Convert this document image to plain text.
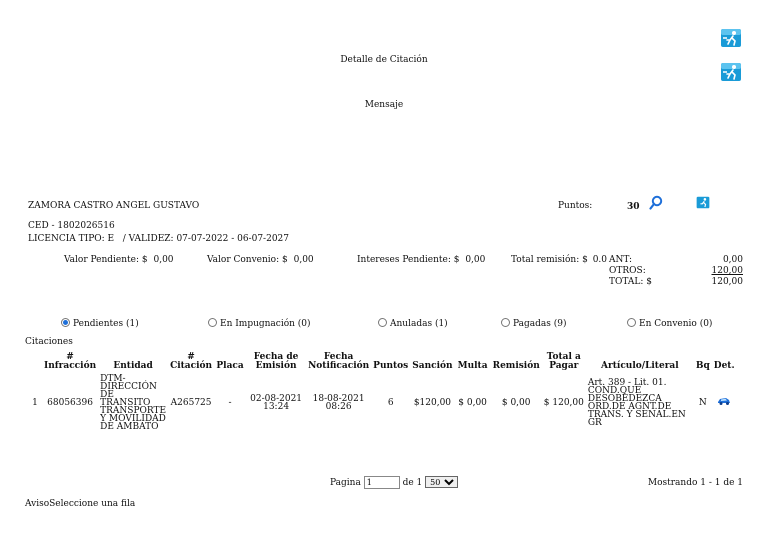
Detalle de Citación
Mensaje
ZAMORA CASTRO ANGEL GUSTAVO
CED - 1802026516
LICENCIA TIPO: E   / VALIDEZ: 07-07-2022 - 06-07-2027
Puntos:	30
Valor Pendiente: $ 0,00	Valor Convenio: $ 0,00	Intereses Pendiente: $ 0,00	Total remisión: $ 0.0 ANT:	0,00
OTROS:	120,00
TOTAL: $	120,00
Pendientes (1)	En Impugnación (0)	Anuladas (1)	Pagadas (9)	En Convenio (0)
Citaciones
	# Infracción	Entidad	# Citación	Placa	Fecha de Emisión	Fecha Notificación	Puntos	Sanción	Multa	Remisión	Total a Pagar	Artículo/Literal	Bq	Det.
1	68056396	DTM-DIRECCIÓN DE TRANSITO TRANSPORTE Y MOVILIDAD DE AMBATO	A265725	-	02-08-2021 13:24	18-08-2021 08:26	6	$120,00	$ 0,00	$ 0,00	$ 120,00	Art. 389 - Lit. 01. COND.QUE DESOBEDEZCA ORD.DE AGNT.DE TRANS. Y SENAL.EN GR	N	
Pagina 1	de 1
50	Mostrando 1 - 1 de 1
AvisoSeleccione una fila
